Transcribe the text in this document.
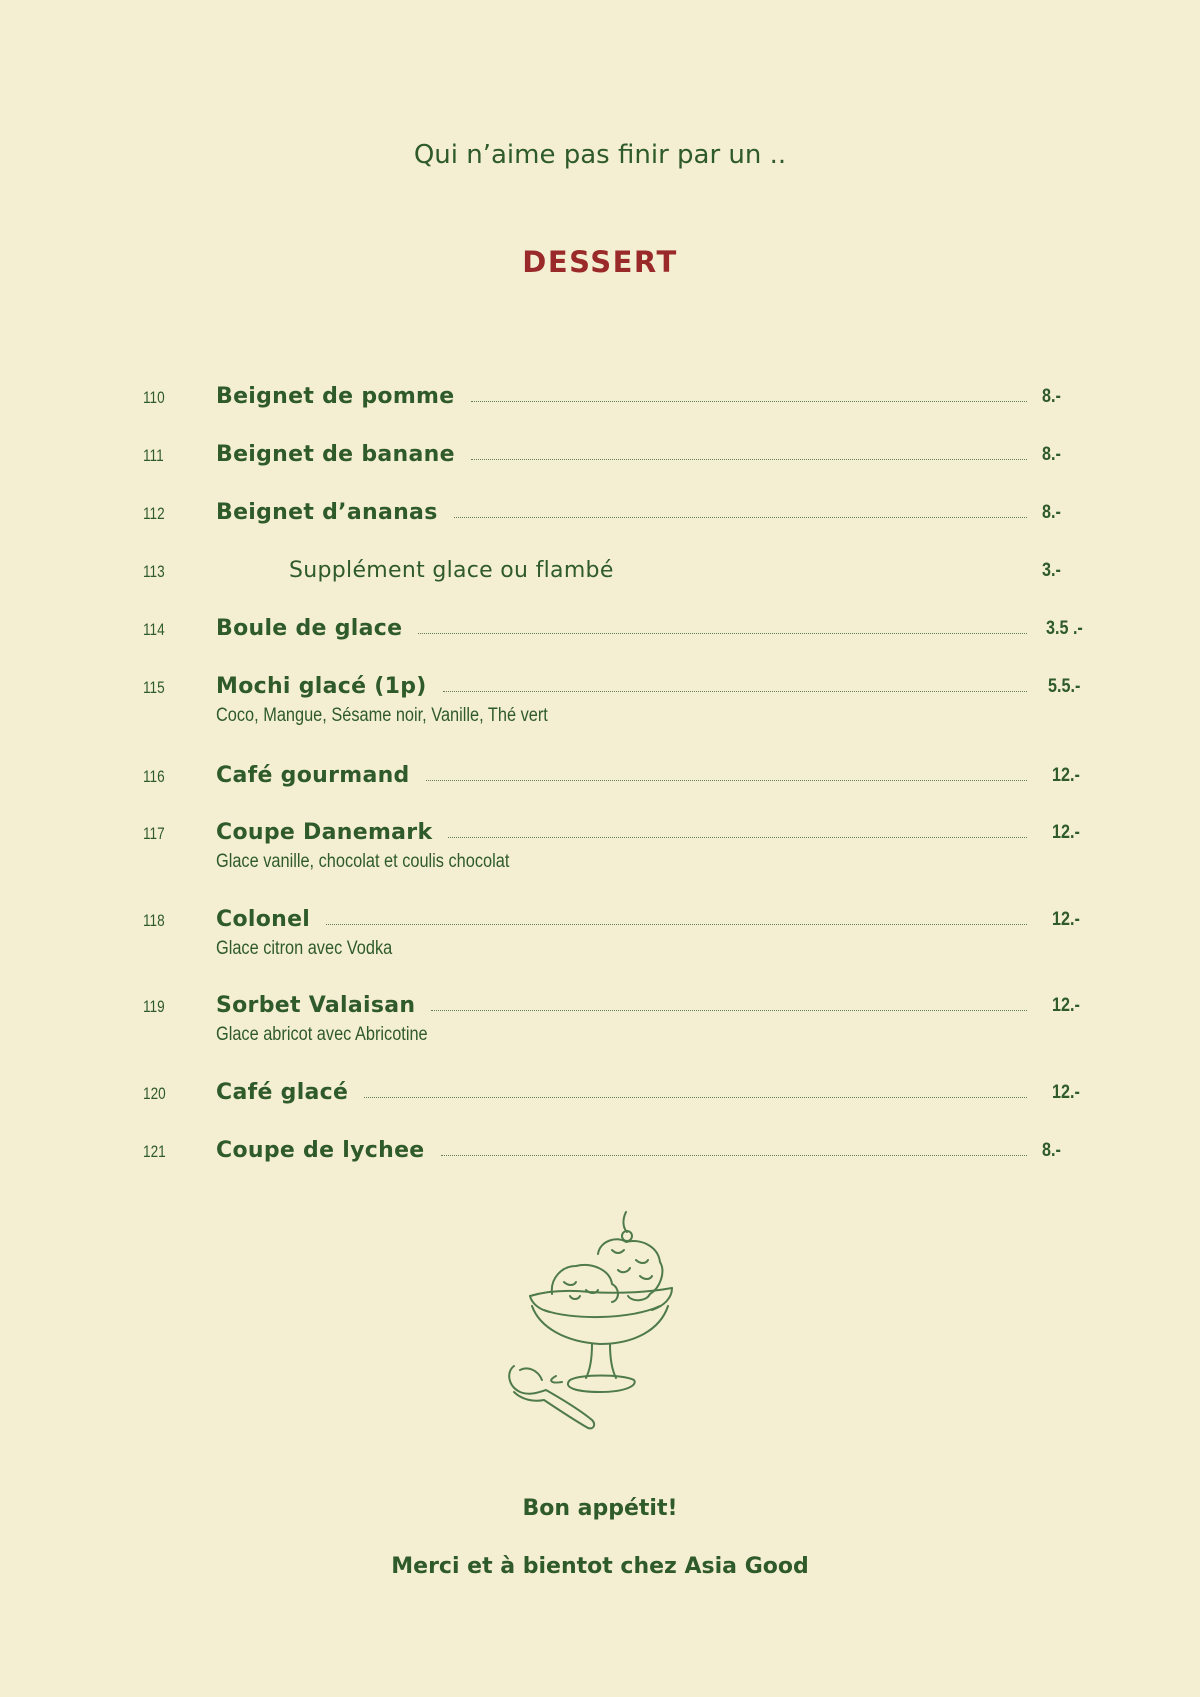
Qui n’aime pas finir par un ..
DESSERT
110 Beignet de pomme	8.-
111 Beignet de banane	8.-
112 Beignet d’ananas	8.-
113	Supplément glace ou flambé	3.-
114 Boule de glace	3.5 .-
115 Mochi glacé (1p)	5.5.-
Coco, Mangue, Sésame noir, Vanille, Thé vert
116 Café gourmand	12.-
117 Coupe Danemark	12.-
Glace vanille, chocolat et coulis chocolat
118 Colonel	12.-
Glace citron avec Vodka
119 Sorbet Valaisan	12.-
Glace abricot avec Abricotine
120 Café glacé	12.-
121 Coupe de lychee	8.-
Bon appétit!
Merci et à bientot chez Asia Good
